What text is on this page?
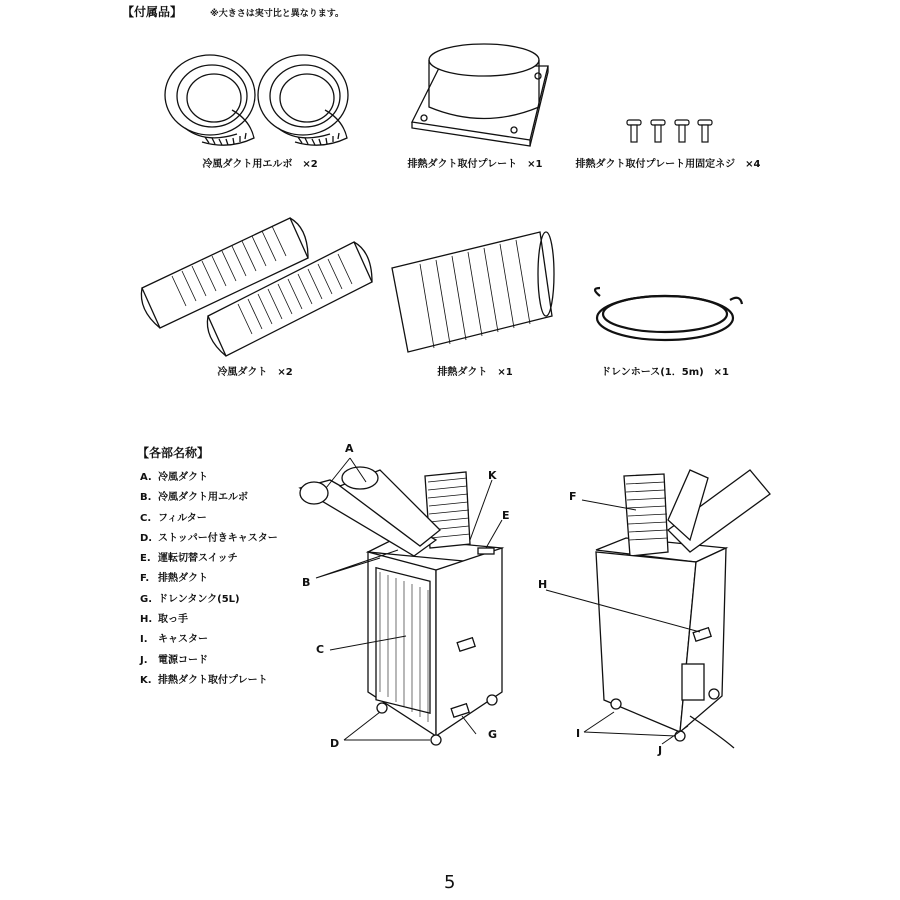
【付属品】	※大きさは実寸比と異なります。
冷風ダクト用エルボ　×2	排熱ダクト取付プレート　×1	排熱ダクト取付プレート用固定ネジ　×4
冷風ダクト　×2	排熱ダクト　×1	ドレンホース(1．5m)　×1
【各部名称】
A. 冷風ダクト
B. 冷風ダクト用エルボ
C. フィルター
D. ストッパー付きキャスター
E. 運転切替スイッチ
F. 排熱ダクト
G. ドレンタンク(5L)
H. 取っ手
I. キャスター
J. 電源コード
K. 排熱ダクト取付プレート
A
B
C
D
E
F
G
H
I
J
K
5
